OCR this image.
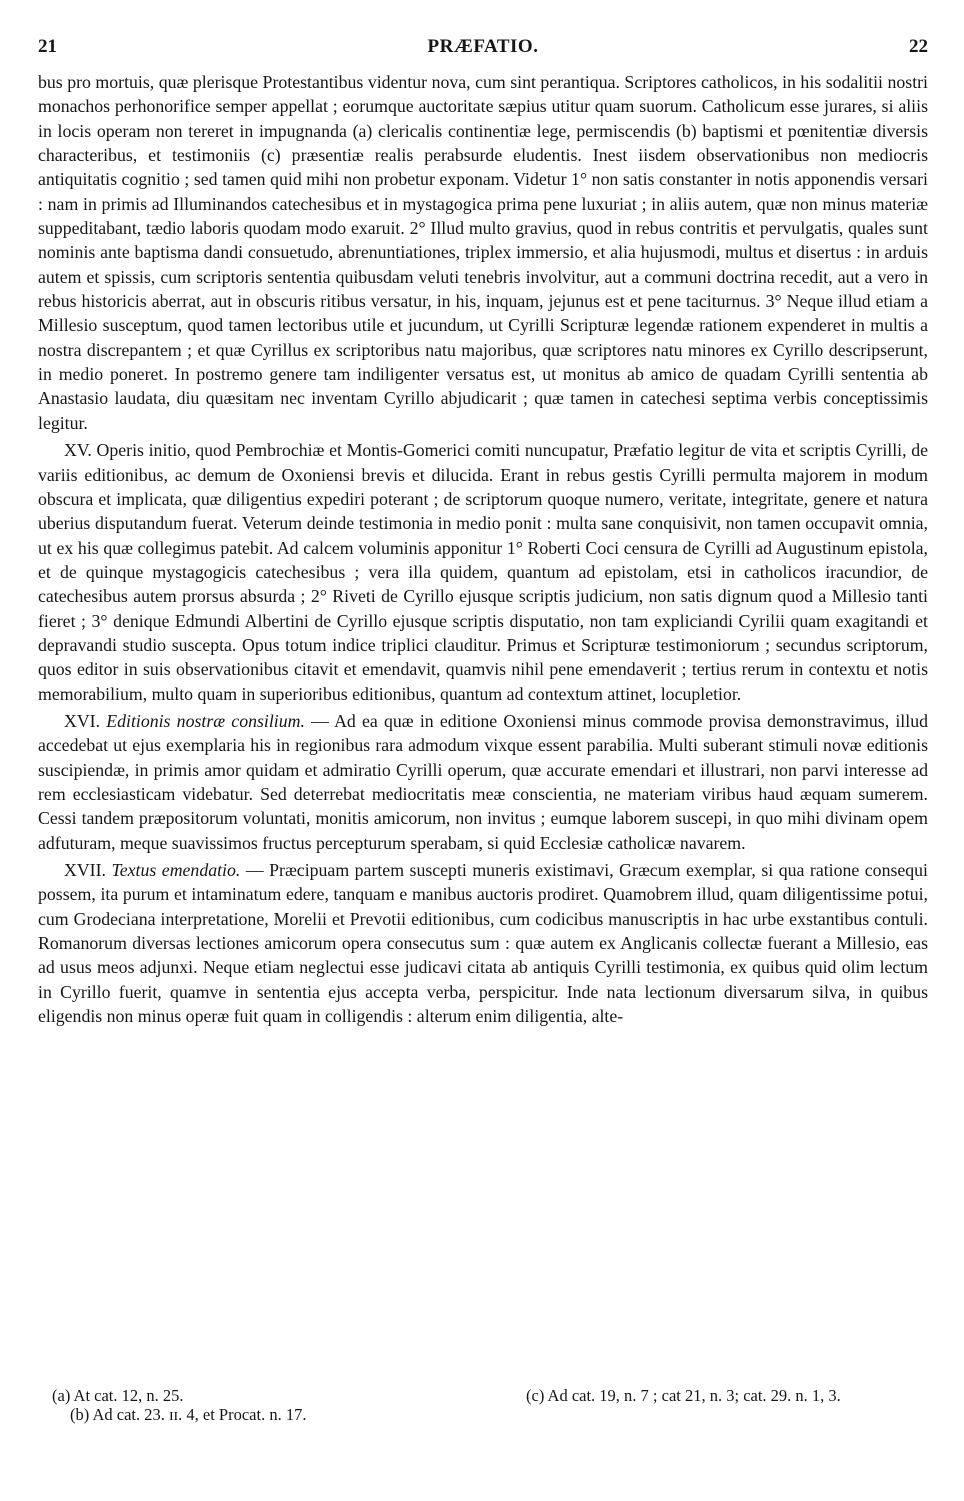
21	PRÆFATIO.	22

bus pro mortuis, quæ plerisque Protestantibus videntur nova, cum sint perantiqua. Scriptores catholicos, in his sodalitii nostri monachos perhonorifice semper appellat ; eorumque auctoritate sæpius utitur quam suorum. Catholicum esse jurares, si aliis in locis operam non tereret in impugnanda (a) clericalis continentiæ lege, permiscendis (b) baptismi et pœnitentiæ diversis characteribus, et testimoniis (c) præsentiæ realis perabsurde eludentis. Inest iisdem observationibus non mediocris antiquitatis cognitio ; sed tamen quid mihi non probetur exponam. Videtur 1° non satis constanter in notis apponendis versari : nam in primis ad Illuminandos catechesibus et in mystagogica prima pene luxuriat ; in aliis autem, quæ non minus materiæ suppeditabant, tædio laboris quodam modo exaruit. 2° Illud multo gravius, quod in rebus contritis et pervulgatis, quales sunt nominis ante baptisma dandi consuetudo, abrenuntiationes, triplex immersio, et alia hujusmodi, multus et disertus : in arduis autem et spissis, cum scriptoris sententia quibusdam veluti tenebris involvitur, aut a communi doctrina recedit, aut a vero in rebus historicis aberrat, aut in obscuris ritibus versatur, in his, inquam, jejunus est et pene taciturnus. 3° Neque illud etiam a Millesio susceptum, quod tamen lectoribus utile et jucundum, ut Cyrilli Scripturæ legendæ rationem expenderet in multis a nostra discrepantem ; et quæ Cyrillus ex scriptoribus natu majoribus, quæ scriptores natu minores ex Cyrillo descripserunt, in medio poneret. In postremo genere tam indiligenter versatus est, ut monitus ab amico de quadam Cyrilli sententia ab Anastasio laudata, diu quæsitam nec inventam Cyrillo abjudicarit ; quæ tamen in catechesi septima verbis conceptissimis legitur.

XV. Operis initio, quod Pembrochiæ et Montis-Gomerici comiti nuncupatur, Præfatio legitur de vita et scriptis Cyrilli, de variis editionibus, ac demum de Oxoniensi brevis et dilucida. Erant in rebus gestis Cyrilli permulta majorem in modum obscura et implicata, quæ diligentius expediri poterant ; de scriptorum quoque numero, veritate, integritate, genere et natura uberius disputandum fuerat. Veterum deinde testimonia in medio ponit : multa sane conquisivit, non tamen occupavit omnia, ut ex his quæ collegimus patebit. Ad calcem voluminis apponitur 1° Roberti Coci censura de Cyrilli ad Augustinum epistola, et de quinque mystagogicis catechesibus ; vera illa quidem, quantum ad epistolam, etsi in catholicos iracundior, de catechesibus autem prorsus absurda ; 2° Riveti de Cyrillo ejusque scriptis judicium, non satis dignum quod a Millesio tanti fieret ; 3° denique Edmundi Albertini de Cyrillo ejusque scriptis disputatio, non tam expliciandi Cyrilii quam exagitandi et depravandi studio suscepta. Opus totum indice triplici clauditur. Primus et Scripturæ testimoniorum ; secundus scriptorum, quos editor in suis observationibus citavit et emendavit, quamvis nihil pene emendaverit ; tertius rerum in contextu et notis memorabilium, multo quam in superioribus editionibus, quantum ad contextum attinet, locupletior.

XVI. Editionis nostræ consilium. — Ad ea quæ in editione Oxoniensi minus commode provisa demonstravimus, illud accedebat ut ejus exemplaria his in regionibus rara admodum vixque essent parabilia. Multi suberant stimuli novæ editionis suscipiendæ, in primis amor quidam et admiratio Cyrilli operum, quæ accurate emendari et illustrari, non parvi interesse ad rem ecclesiasticam videbatur. Sed deterrebat mediocritatis meæ conscientia, ne materiam viribus haud æquam sumerem. Cessi tandem præpositorum voluntati, monitis amicorum, non invitus ; eumque laborem suscepi, in quo mihi divinam opem adfuturam, meque suavissimos fructus percepturum sperabam, si quid Ecclesiæ catholicæ navarem.

XVII. Textus emendatio. — Præcipuam partem suscepti muneris existimavi, Græcum exemplar, si qua ratione consequi possem, ita purum et intaminatum edere, tanquam e manibus auctoris prodiret. Quamobrem illud, quam diligentissime potui, cum Grodeciana interpretatione, Morelii et Prevotii editionibus, cum codicibus manuscriptis in hac urbe exstantibus contuli. Romanorum diversas lectiones amicorum opera consecutus sum : quæ autem ex Anglicanis collectæ fuerant a Millesio, eas ad usus meos adjunxi. Neque etiam neglectui esse judicavi citata ab antiquis Cyrilli testimonia, ex quibus quid olim lectum in Cyrillo fuerit, quamve in sententia ejus accepta verba, perspicitur. Inde nata lectionum diversarum silva, in quibus eligendis non minus operæ fuit quam in colligendis : alterum enim diligentia, alte-

(a) At cat. 12, n. 25.
(b) Ad cat. 23. ɪɪ. 4, et Procat. n. 17.
(c) Ad cat. 19, n. 7 ; cat 21, n. 3; cat. 29. n. 1, 3.
